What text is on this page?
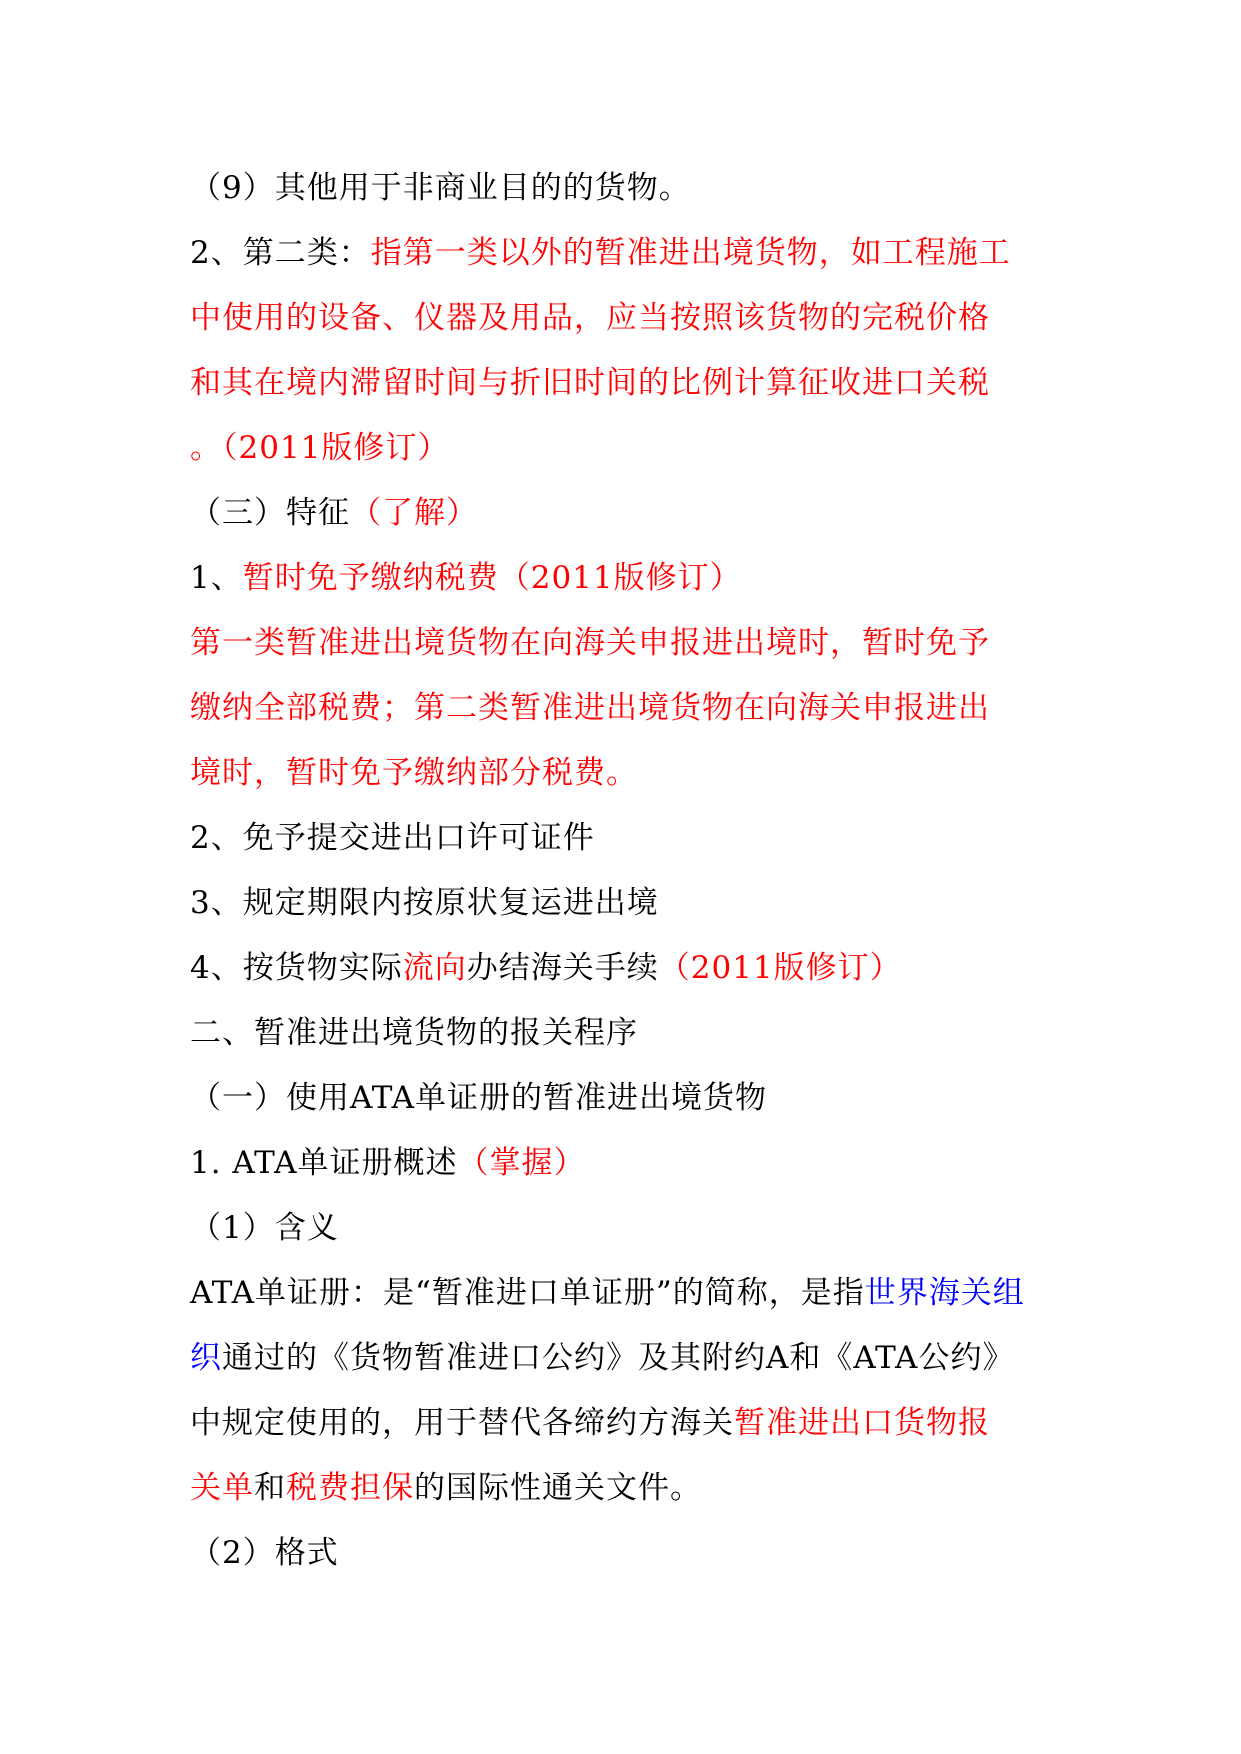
（9）其他用于非商业目的的货物。
2、第二类：指第一类以外的暂准进出境货物，如工程施工
中使用的设备、仪器及用品，应当按照该货物的完税价格
和其在境内滞留时间与折旧时间的比例计算征收进口关税
。（2011版修订）
（三）特征（了解）
1、暂时免予缴纳税费（2011版修订）
第一类暂准进出境货物在向海关申报进出境时，暂时免予
缴纳全部税费；第二类暂准进出境货物在向海关申报进出
境时，暂时免予缴纳部分税费。
2、免予提交进出口许可证件
3、规定期限内按原状复运进出境
4、按货物实际流向办结海关手续（2011版修订）
二、暂准进出境货物的报关程序
（一）使用ATA单证册的暂准进出境货物
1. ATA单证册概述（掌握）
（1）含义
ATA单证册：是“暂准进口单证册”的简称，是指世界海关组
织通过的《货物暂准进口公约》及其附约A和《ATA公约》
中规定使用的，用于替代各缔约方海关暂准进出口货物报
关单和税费担保的国际性通关文件。
（2）格式
